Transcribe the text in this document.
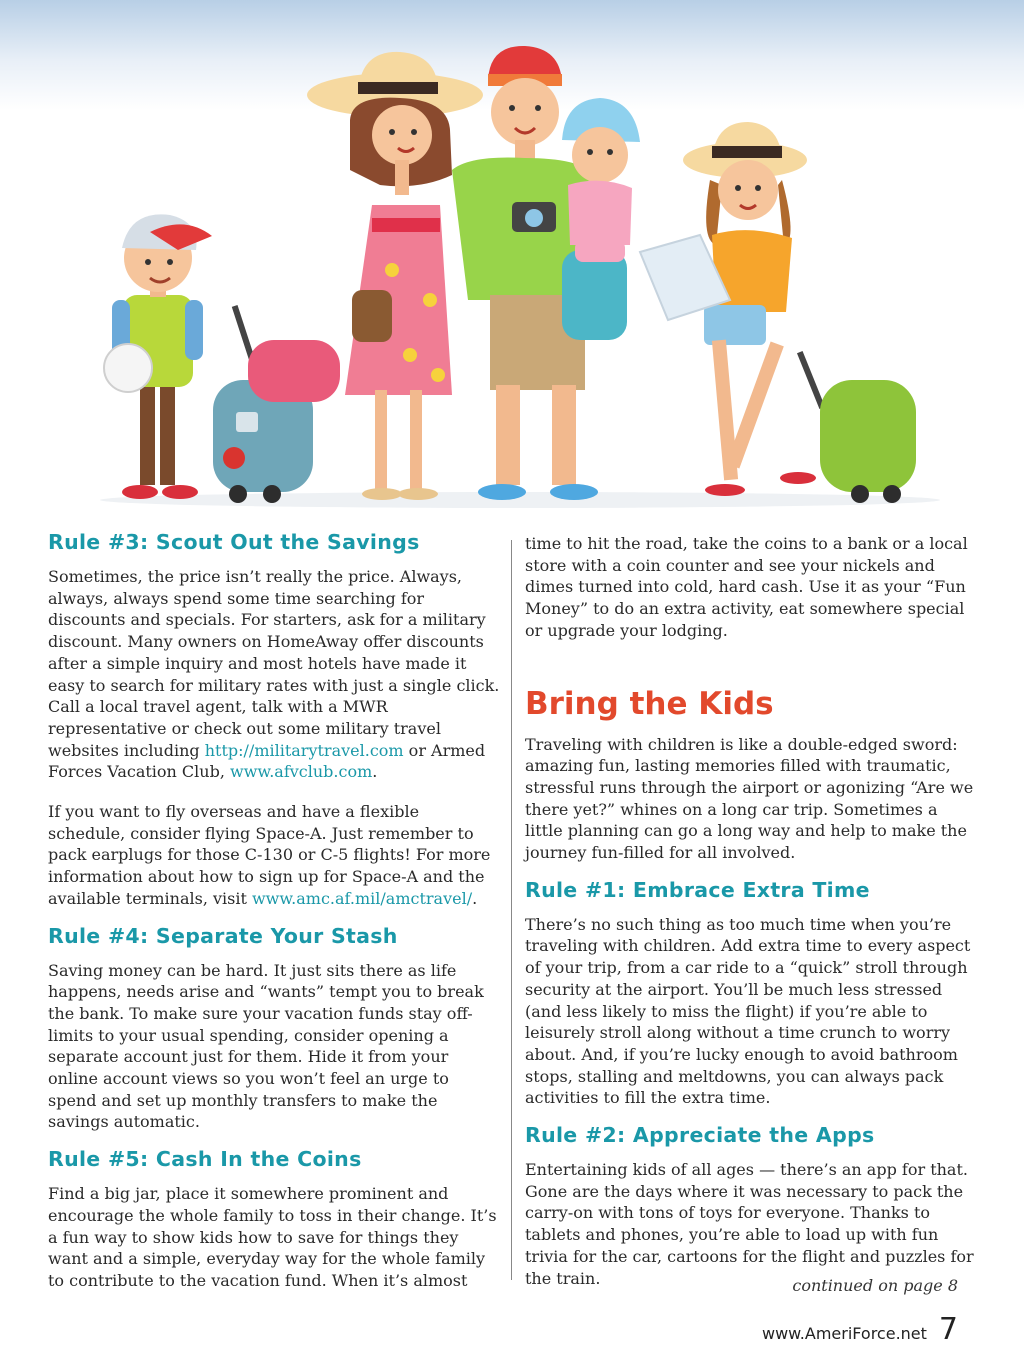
Rule #3: Scout Out the Savings

Sometimes, the price isn’t really the price. Always, always, always spend some time searching for discounts and specials. For starters, ask for a military discount. Many owners on HomeAway offer discounts after a simple inquiry and most hotels have made it easy to search for military rates with just a single click. Call a local travel agent, talk with a MWR representative or check out some military travel websites including http://militarytravel.com or Armed Forces Vacation Club, www.afvclub.com.

If you want to fly overseas and have a flexible schedule, consider flying Space-A. Just remember to pack earplugs for those C-130 or C-5 flights! For more information about how to sign up for Space-A and the available terminals, visit www.amc.af.mil/amctravel/.

Rule #4: Separate Your Stash

Saving money can be hard. It just sits there as life happens, needs arise and “wants” tempt you to break the bank. To make sure your vacation funds stay off-limits to your usual spending, consider opening a separate account just for them. Hide it from your online account views so you won’t feel an urge to spend and set up monthly transfers to make the savings automatic.

Rule #5: Cash In the Coins

Find a big jar, place it somewhere prominent and encourage the whole family to toss in their change. It’s a fun way to show kids how to save for things they want and a simple, everyday way for the whole family to contribute to the vacation fund. When it’s almost

time to hit the road, take the coins to a bank or a local store with a coin counter and see your nickels and dimes turned into cold, hard cash. Use it as your “Fun Money” to do an extra activity, eat somewhere special or upgrade your lodging.

Bring the Kids

Traveling with children is like a double-edged sword: amazing fun, lasting memories filled with traumatic, stressful runs through the airport or agonizing “Are we there yet?” whines on a long car trip. Sometimes a little planning can go a long way and help to make the journey fun-filled for all involved.

Rule #1: Embrace Extra Time

There’s no such thing as too much time when you’re traveling with children. Add extra time to every aspect of your trip, from a car ride to a “quick” stroll through security at the airport. You’ll be much less stressed (and less likely to miss the flight) if you’re able to leisurely stroll along without a time crunch to worry about. And, if you’re lucky enough to avoid bathroom stops, stalling and meltdowns, you can always pack activities to fill the extra time.

Rule #2: Appreciate the Apps

Entertaining kids of all ages — there’s an app for that. Gone are the days where it was necessary to pack the carry-on with tons of toys for everyone. Thanks to tablets and phones, you’re able to load up with fun trivia for the car, cartoons for the flight and puzzles for the train.	continued on page 8
www.AmeriForce.net 7
